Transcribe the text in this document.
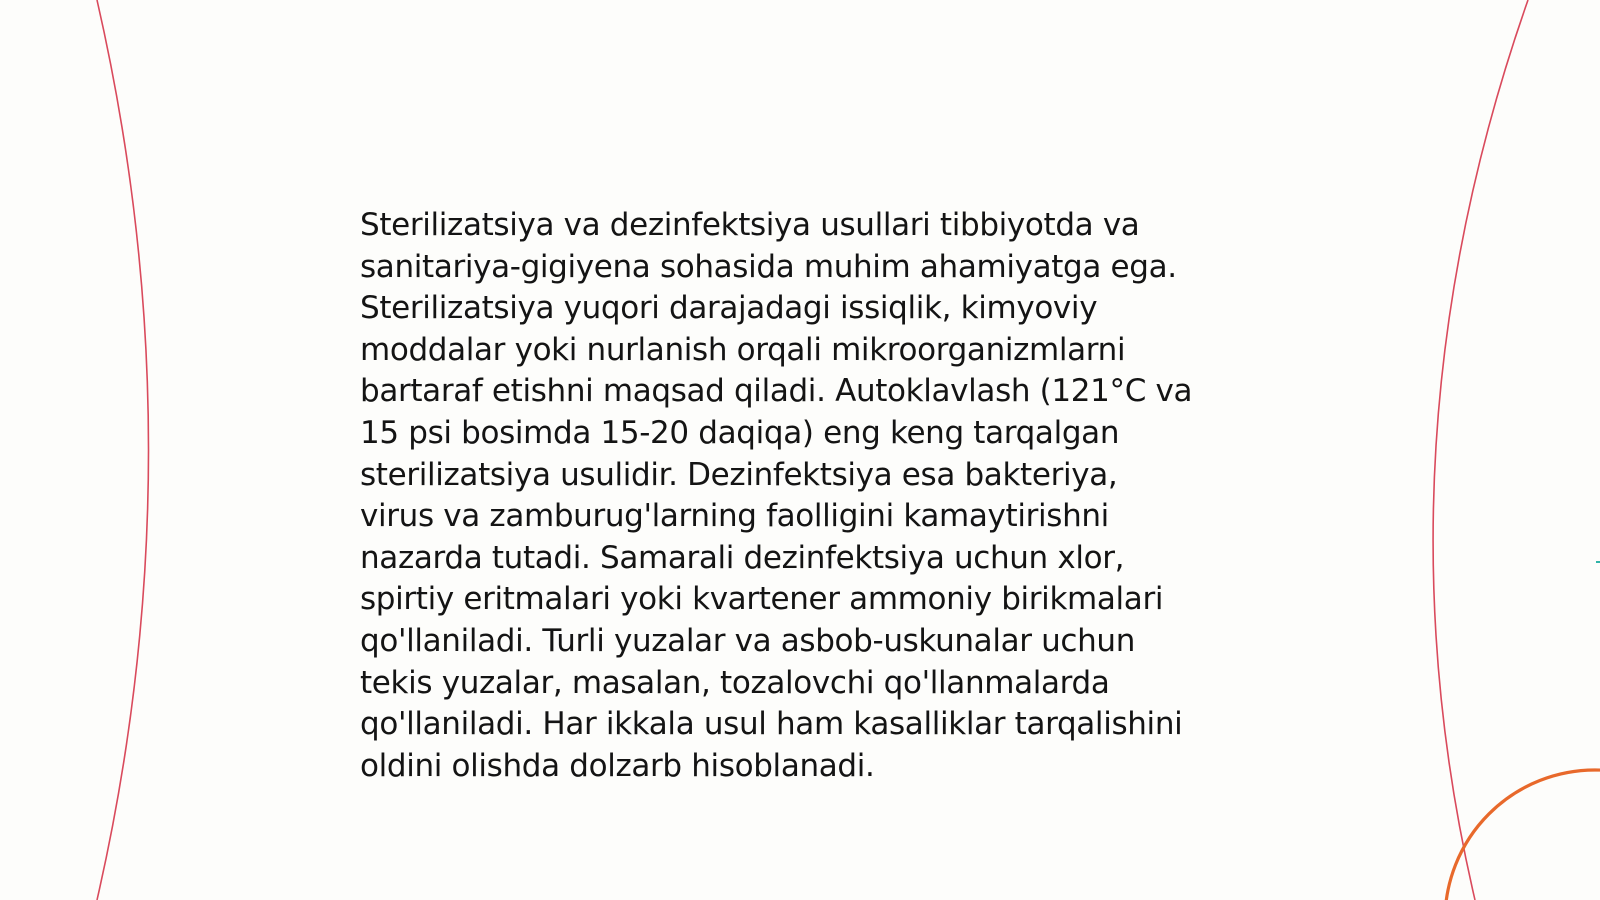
Sterilizatsiya va dezinfektsiya usullari tibbiyotda va
sanitariya-gigiyena sohasida muhim ahamiyatga ega.
Sterilizatsiya yuqori darajadagi issiqlik, kimyoviy
moddalar yoki nurlanish orqali mikroorganizmlarni
bartaraf etishni maqsad qiladi. Autoklavlash (121°C va
15 psi bosimda 15-20 daqiqa) eng keng tarqalgan
sterilizatsiya usulidir. Dezinfektsiya esa bakteriya,
virus va zamburug'larning faolligini kamaytirishni
nazarda tutadi. Samarali dezinfektsiya uchun xlor,
spirtiy eritmalari yoki kvartener ammoniy birikmalari
qo'llaniladi. Turli yuzalar va asbob-uskunalar uchun
tekis yuzalar, masalan, tozalovchi qo'llanmalarda
qo'llaniladi. Har ikkala usul ham kasalliklar tarqalishini
oldini olishda dolzarb hisoblanadi.
